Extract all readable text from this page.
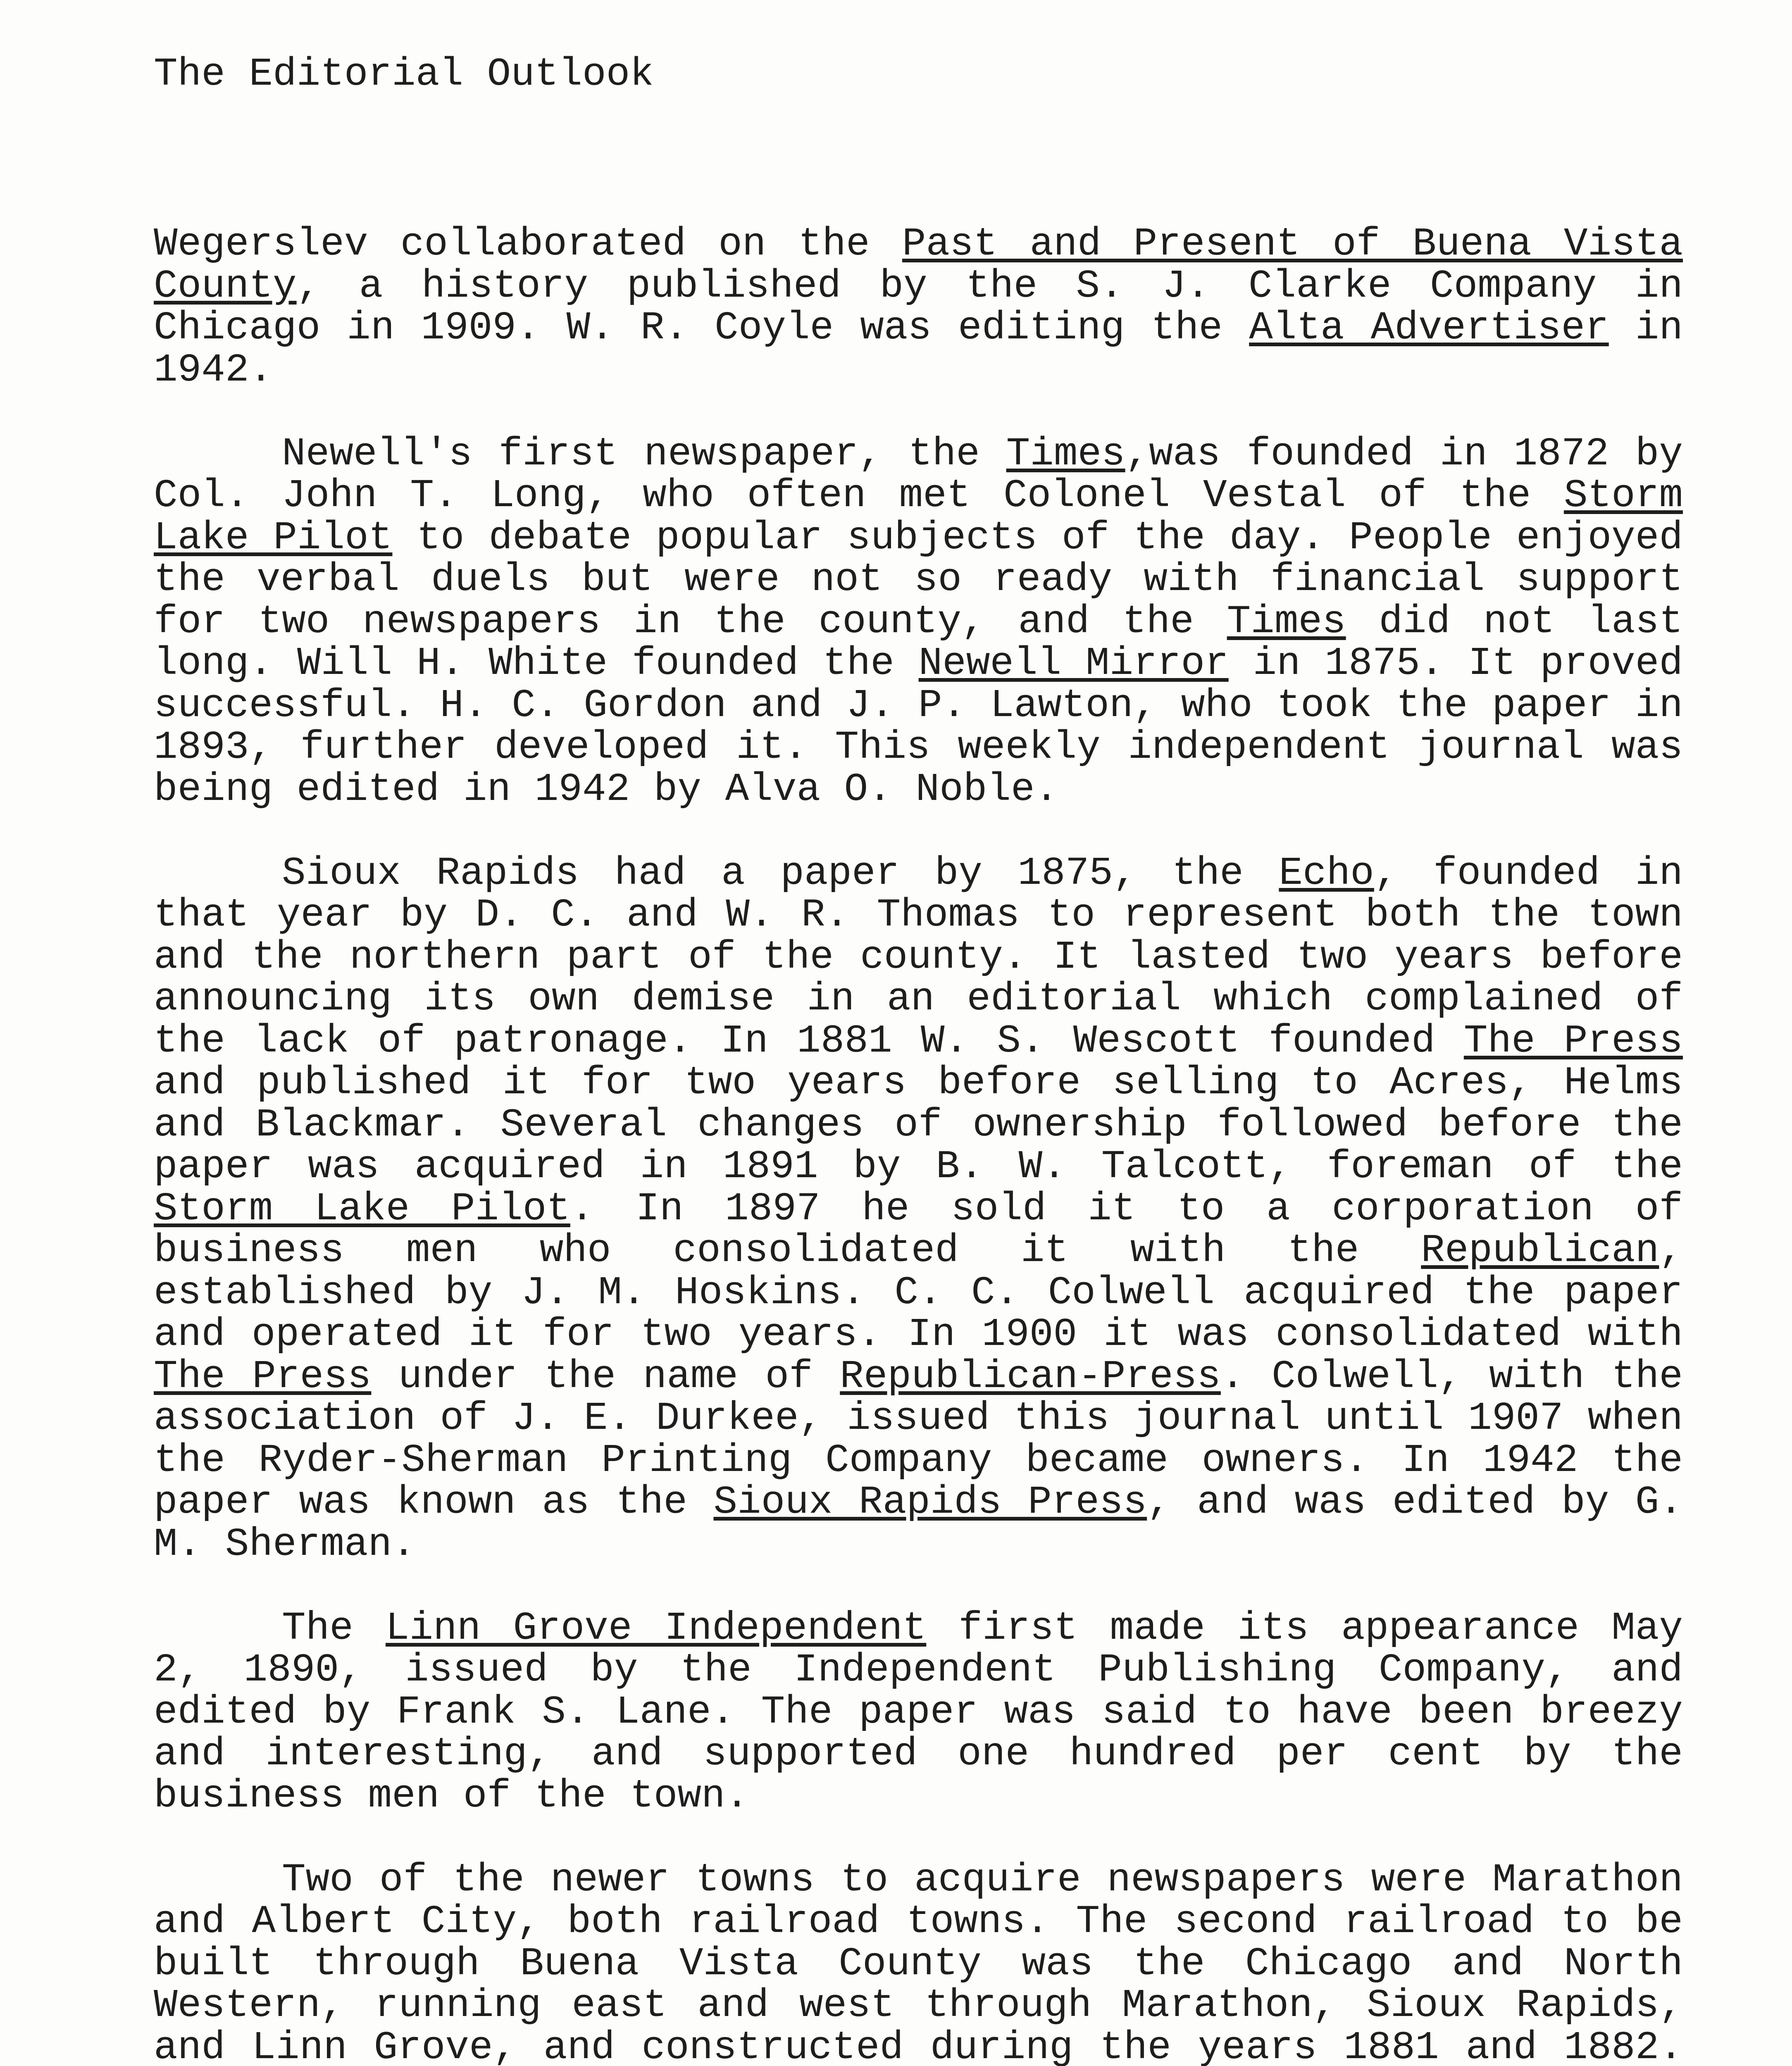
The Editorial Outlook

Wegerslev collaborated on the Past and Present of Buena Vista County, a history published by the S. J. Clarke Company in Chicago in 1909. W. R. Coyle was editing the Alta Advertiser in 1942.

Newell's first newspaper, the Times,was founded in 1872 by Col. John T. Long, who often met Colonel Vestal of the Storm Lake Pilot to debate popular subjects of the day. People enjoyed the verbal duels but were not so ready with financial support for two newspapers in the county, and the Times did not last long. Will H. White founded the Newell Mirror in 1875. It proved successful. H. C. Gordon and J. P. Lawton, who took the paper in 1893, further developed it. This weekly independent journal was being edited in 1942 by Alva O. Noble.

Sioux Rapids had a paper by 1875, the Echo, founded in that year by D. C. and W. R. Thomas to represent both the town and the northern part of the county. It lasted two years before announcing its own demise in an editorial which complained of the lack of patronage. In 1881 W. S. Wescott founded The Press and published it for two years before selling to Acres, Helms and Blackmar. Several changes of ownership followed before the paper was acquired in 1891 by B. W. Talcott, foreman of the Storm Lake Pilot. In 1897 he sold it to a corporation of business men who consolidated it with the Republican, established by J. M. Hoskins. C. C. Colwell acquired the paper and operated it for two years. In 1900 it was consolidated with The Press under the name of Republican-Press. Colwell, with the association of J. E. Durkee, issued this journal until 1907 when the Ryder-Sherman Printing Company became owners. In 1942 the paper was known as the Sioux Rapids Press, and was edited by G. M. Sherman.

The Linn Grove Independent first made its appearance May 2, 1890, issued by the Independent Publishing Company, and edited by Frank S. Lane. The paper was said to have been breezy and interesting, and supported one hundred per cent by the business men of the town.

Two of the newer towns to acquire newspapers were Marathon and Albert City, both railroad towns. The second railroad to be built through Buena Vista County was the Chicago and North Western, running east and west through Marathon, Sioux Rapids, and Linn Grove, and constructed during the years 1881 and 1882.
